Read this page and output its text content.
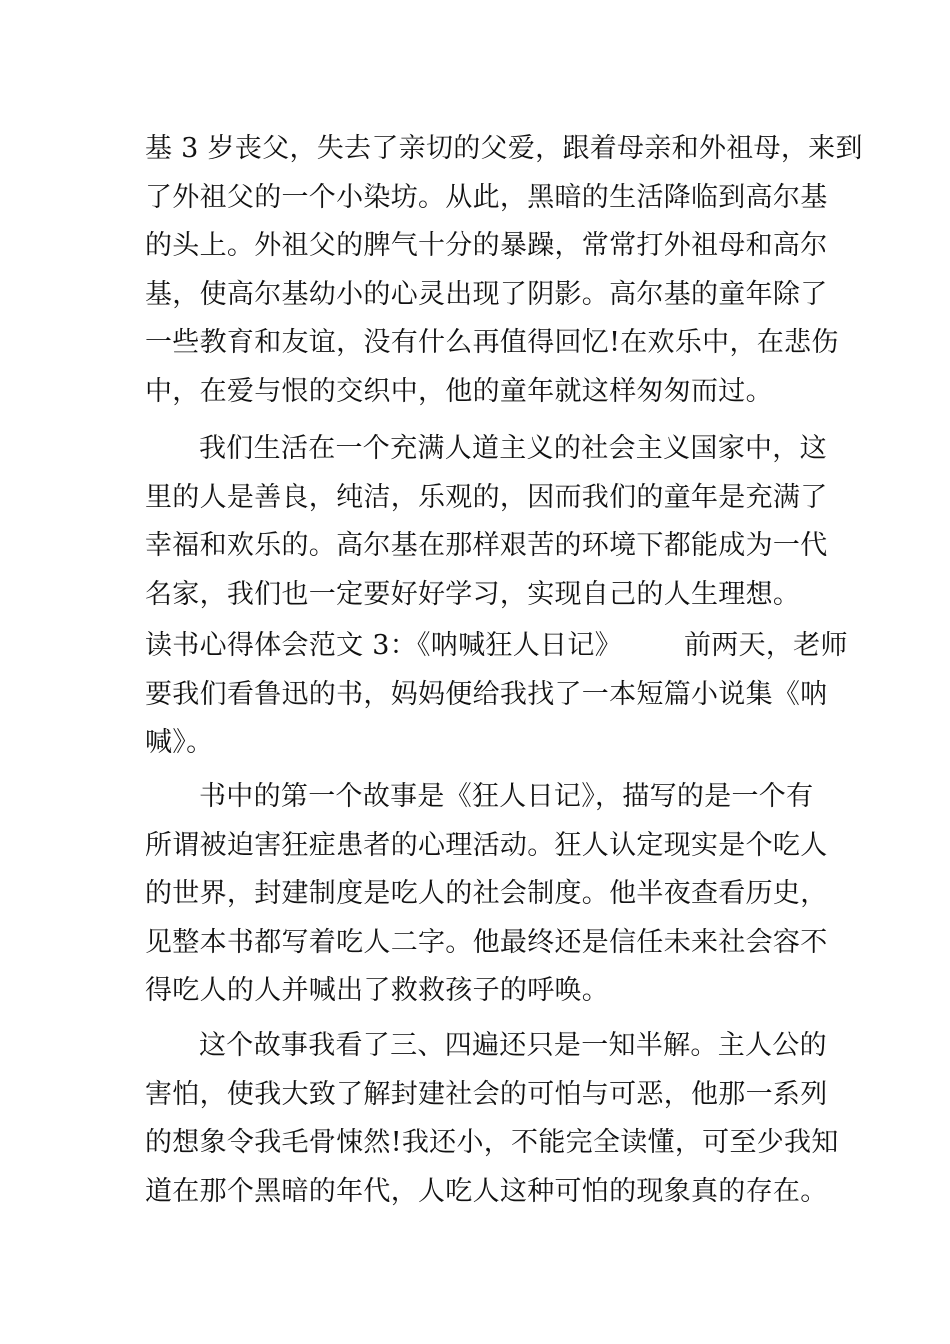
基 3 岁丧父，失去了亲切的父爱，跟着母亲和外祖母，来到
了外祖父的一个小染坊。从此，黑暗的生活降临到高尔基
的头上。外祖父的脾气十分的暴躁，常常打外祖母和高尔
基，使高尔基幼小的心灵出现了阴影。高尔基的童年除了
一些教育和友谊，没有什么再值得回忆!在欢乐中，在悲伤
中，在爱与恨的交织中，他的童年就这样匆匆而过。
我们生活在一个充满人道主义的社会主义国家中，这
里的人是善良，纯洁，乐观的，因而我们的童年是充满了
幸福和欢乐的。高尔基在那样艰苦的环境下都能成为一代
名家，我们也一定要好好学习，实现自己的人生理想。
读书心得体会范文 3：《呐喊狂人日记》 前两天，老师
要我们看鲁迅的书，妈妈便给我找了一本短篇小说集《呐
喊》。
书中的第一个故事是《狂人日记》，描写的是一个有
所谓被迫害狂症患者的心理活动。狂人认定现实是个吃人
的世界，封建制度是吃人的社会制度。他半夜查看历史，
见整本书都写着吃人二字。他最终还是信任未来社会容不
得吃人的人并喊出了救救孩子的呼唤。
这个故事我看了三、四遍还只是一知半解。主人公的
害怕，使我大致了解封建社会的可怕与可恶，他那一系列
的想象令我毛骨悚然!我还小，不能完全读懂，可至少我知
道在那个黑暗的年代，人吃人这种可怕的现象真的存在。
